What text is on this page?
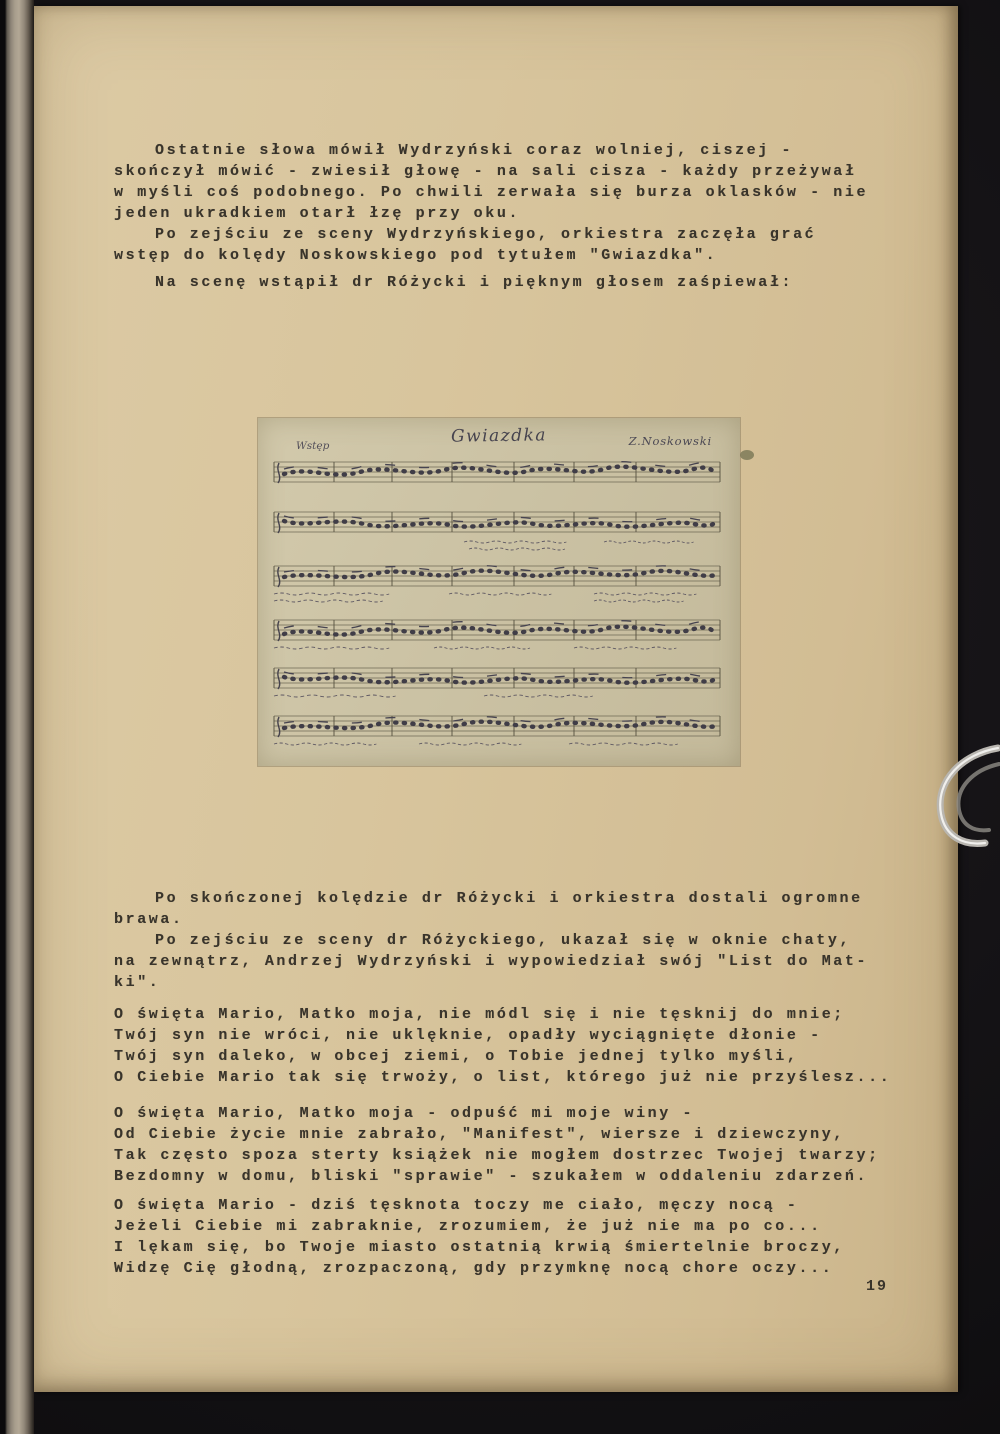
Ostatnie słowa mówił Wydrzyński coraz wolniej, ciszej -
skończył mówić - zwiesił głowę - na sali cisza - każdy przeżywał
w myśli coś podobnego. Po chwili zerwała się burza oklasków - nie
jeden ukradkiem otarł łzę przy oku.
Po zejściu ze sceny Wydrzyńskiego, orkiestra zaczęła grać
wstęp do kolędy Noskowskiego pod tytułem "Gwiazdka".
Na scenę wstąpił dr Różycki i pięknym głosem zaśpiewał:
Wstęp	Gwiazdka	Z.Noskowski
Po skończonej kolędzie dr Różycki i orkiestra dostali ogromne
brawa.
Po zejściu ze sceny dr Różyckiego, ukazał się w oknie chaty,
na zewnątrz, Andrzej Wydrzyński i wypowiedział swój "List do Mat-
ki".
O święta Mario, Matko moja, nie módl się i nie tęsknij do mnie;
Twój syn nie wróci, nie uklęknie, opadły wyciągnięte dłonie -
Twój syn daleko, w obcej ziemi, o Tobie jednej tylko myśli,
O Ciebie Mario tak się trwoży, o list, którego już nie przyślesz...
O święta Mario, Matko moja - odpuść mi moje winy -
Od Ciebie życie mnie zabrało, "Manifest", wiersze i dziewczyny,
Tak często spoza sterty książek nie mogłem dostrzec Twojej twarzy;
Bezdomny w domu, bliski "sprawie" - szukałem w oddaleniu zdarzeń.
O święta Mario - dziś tęsknota toczy me ciało, męczy nocą -
Jeżeli Ciebie mi zabraknie, zrozumiem, że już nie ma po co...
I lękam się, bo Twoje miasto ostatnią krwią śmiertelnie broczy,
Widzę Cię głodną, zrozpaczoną, gdy przymknę nocą chore oczy...
19
